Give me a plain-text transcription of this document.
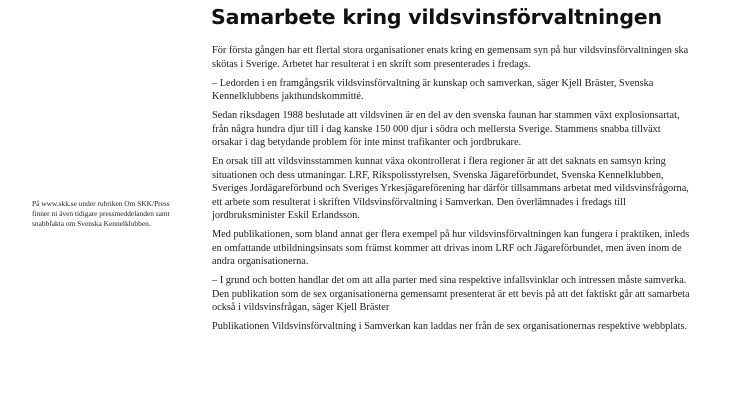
På www.skk.se under rubriken Om SKK/Press finner ni även tidigare pressmeddelanden samt snabbfakta om Svenska Kennelklubben.
Samarbete kring vildsvinsförvaltningen

För första gången har ett flertal stora organisationer enats kring en gemensam syn på hur vildsvinsförvaltningen ska skötas i Sverige. Arbetet har resulterat i en skrift som presenterades i fredags.

– Ledorden i en framgångsrik vildsvinsförvaltning är kunskap och samverkan, säger Kjell Bräster, Svenska Kennelklubbens jakthundskommitté.

Sedan riksdagen 1988 beslutade att vildsvinen är en del av den svenska faunan har stammen växt explosionsartat, från några hundra djur till i dag kanske 150 000 djur i södra och mellersta Sverige. Stammens snabba tillväxt orsakar i dag betydande problem för inte minst trafikanter och jordbrukare.

En orsak till att vildsvinsstammen kunnat växa okontrollerat i flera regioner är att det saknats en samsyn kring situationen och dess utmaningar. LRF, Rikspolisstyrelsen, Svenska Jägareförbundet, Svenska Kennelklubben, Sveriges Jordägareförbund och Sveriges Yrkesjägareförening har därför tillsammans arbetat med vildsvinsfrågorna, ett arbete som resulterat i skriften Vildsvinsförvaltning i Samverkan. Den överlämnades i fredags till jordbruksminister Eskil Erlandsson.

Med publikationen, som bland annat ger flera exempel på hur vildsvinsförvaltningen kan fungera i praktiken, inleds en omfattande utbildningsinsats som främst kommer att drivas inom LRF och Jägareförbundet, men även inom de andra organisationerna.

– I grund och botten handlar det om att alla parter med sina respektive infallsvinklar och intressen måste samverka. Den publikation som de sex organisationerna gemensamt presenterat är ett bevis på att det faktiskt går att samarbeta också i vildsvinsfrågan, säger Kjell Bräster

Publikationen Vildsvinsförvaltning i Samverkan kan laddas ner från de sex organisationernas respektive webbplats.
